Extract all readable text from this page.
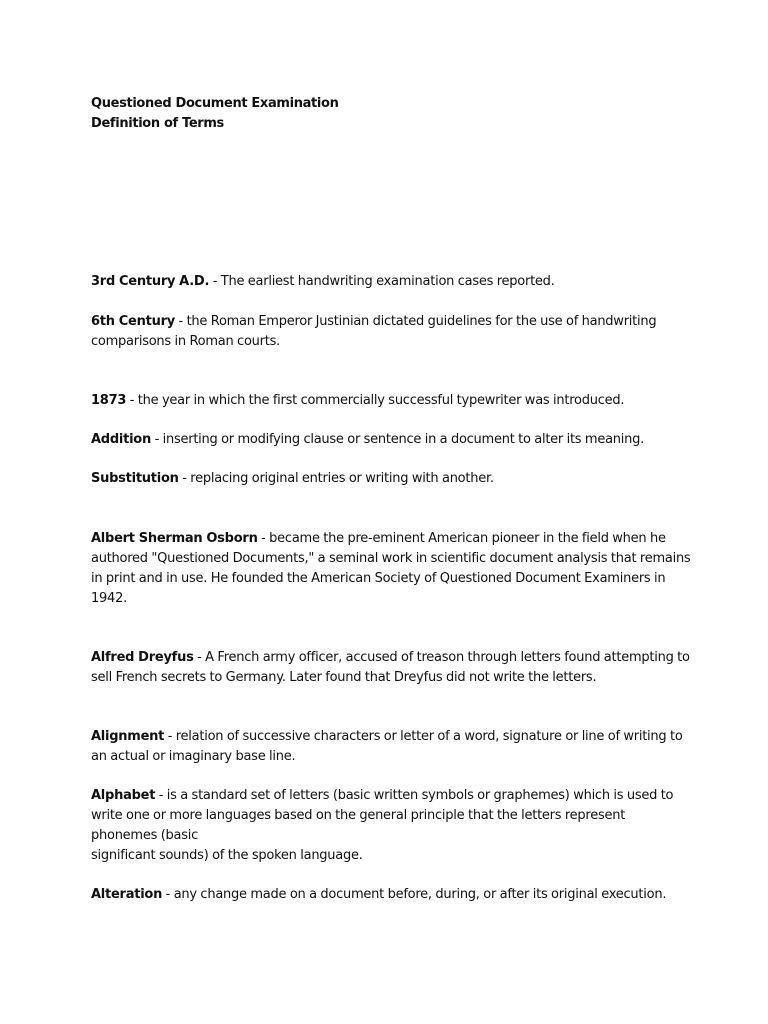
Questioned Document Examination
Definition of Terms
3rd Century A.D. - The earliest handwriting examination cases reported.
6th Century - the Roman Emperor Justinian dictated guidelines for the use of handwriting comparisons in Roman courts.
1873 - the year in which the first commercially successful typewriter was introduced.
Addition - inserting or modifying clause or sentence in a document to alter its meaning.
Substitution - replacing original entries or writing with another.
Albert Sherman Osborn - became the pre-eminent American pioneer in the field when he authored "Questioned Documents," a seminal work in scientific document analysis that remains in print and in use. He founded the American Society of Questioned Document Examiners in 1942.
Alfred Dreyfus - A French army officer, accused of treason through letters found attempting to sell French secrets to Germany. Later found that Dreyfus did not write the letters.
Alignment - relation of successive characters or letter of a word, signature or line of writing to an actual or imaginary base line.
Alphabet - is a standard set of letters (basic written symbols or graphemes) which is used to write one or more languages based on the general principle that the letters represent phonemes (basic
significant sounds) of the spoken language.
Alteration - any change made on a document before, during, or after its original execution.
